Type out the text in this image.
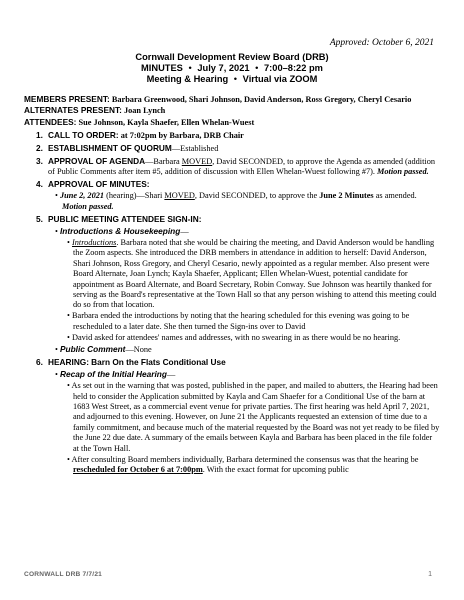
Approved: October 6, 2021
Cornwall Development Review Board (DRB)
MINUTES • July 7, 2021 • 7:00–8:22 pm
Meeting & Hearing • Virtual via ZOOM

MEMBERS PRESENT: Barbara Greenwood, Shari Johnson, David Anderson, Ross Gregory, Cheryl Cesario

ALTERNATES PRESENT: Joan Lynch

ATTENDEES: Sue Johnson, Kayla Shaefer, Ellen Whelan-Wuest

1. CALL TO ORDER: at 7:02pm by Barbara, DRB Chair

2. ESTABLISHMENT OF QUORUM—Established

3. APPROVAL OF AGENDA—Barbara MOVED, David SECONDED, to approve the Agenda as amended (addition of Public Comments after item #5, addition of discussion with Ellen Whelan-Wuest following #7). Motion passed.

4. APPROVAL OF MINUTES:

• June 2, 2021 (hearing)—Shari MOVED, David SECONDED, to approve the June 2 Minutes as amended. Motion passed.

5. PUBLIC MEETING ATTENDEE SIGN-IN:

• Introductions & Housekeeping—

• Introductions. Barbara noted that she would be chairing the meeting, and David Anderson would be handling the Zoom aspects. She introduced the DRB members in attendance in addition to herself: David Anderson, Shari Johnson, Ross Gregory, and Cheryl Cesario, newly appointed as a regular member. Also present were Board Alternate, Joan Lynch; Kayla Shaefer, Applicant; Ellen Whelan-Wuest, potential candidate for appointment as Board Alternate, and Board Secretary, Robin Conway. Sue Johnson was heartily thanked for serving as the Board's representative at the Town Hall so that any person wishing to attend this meeting could do so from that location.

• Barbara ended the introductions by noting that the hearing scheduled for this evening was going to be rescheduled to a later date. She then turned the Sign-ins over to David

• David asked for attendees' names and addresses, with no swearing in as there would be no hearing.

• Public Comment—None

6. HEARING: Barn On the Flats Conditional Use

• Recap of the Initial Hearing—

• As set out in the warning that was posted, published in the paper, and mailed to abutters, the Hearing had been held to consider the Application submitted by Kayla and Cam Shaefer for a Conditional Use of the barn at 1683 West Street, as a commercial event venue for private parties. The first hearing was held April 7, 2021, and adjourned to this evening. However, on June 21 the Applicants requested an extension of time due to a family commitment, and because much of the material requested by the Board was not yet ready to be filed by the June 22 due date. A summary of the emails between Kayla and Barbara has been placed in the file folder at the Town Hall.

• After consulting Board members individually, Barbara determined the consensus was that the hearing be rescheduled for October 6 at 7:00pm. With the exact format for upcoming public

CORNWALL DRB 7/7/21	1
